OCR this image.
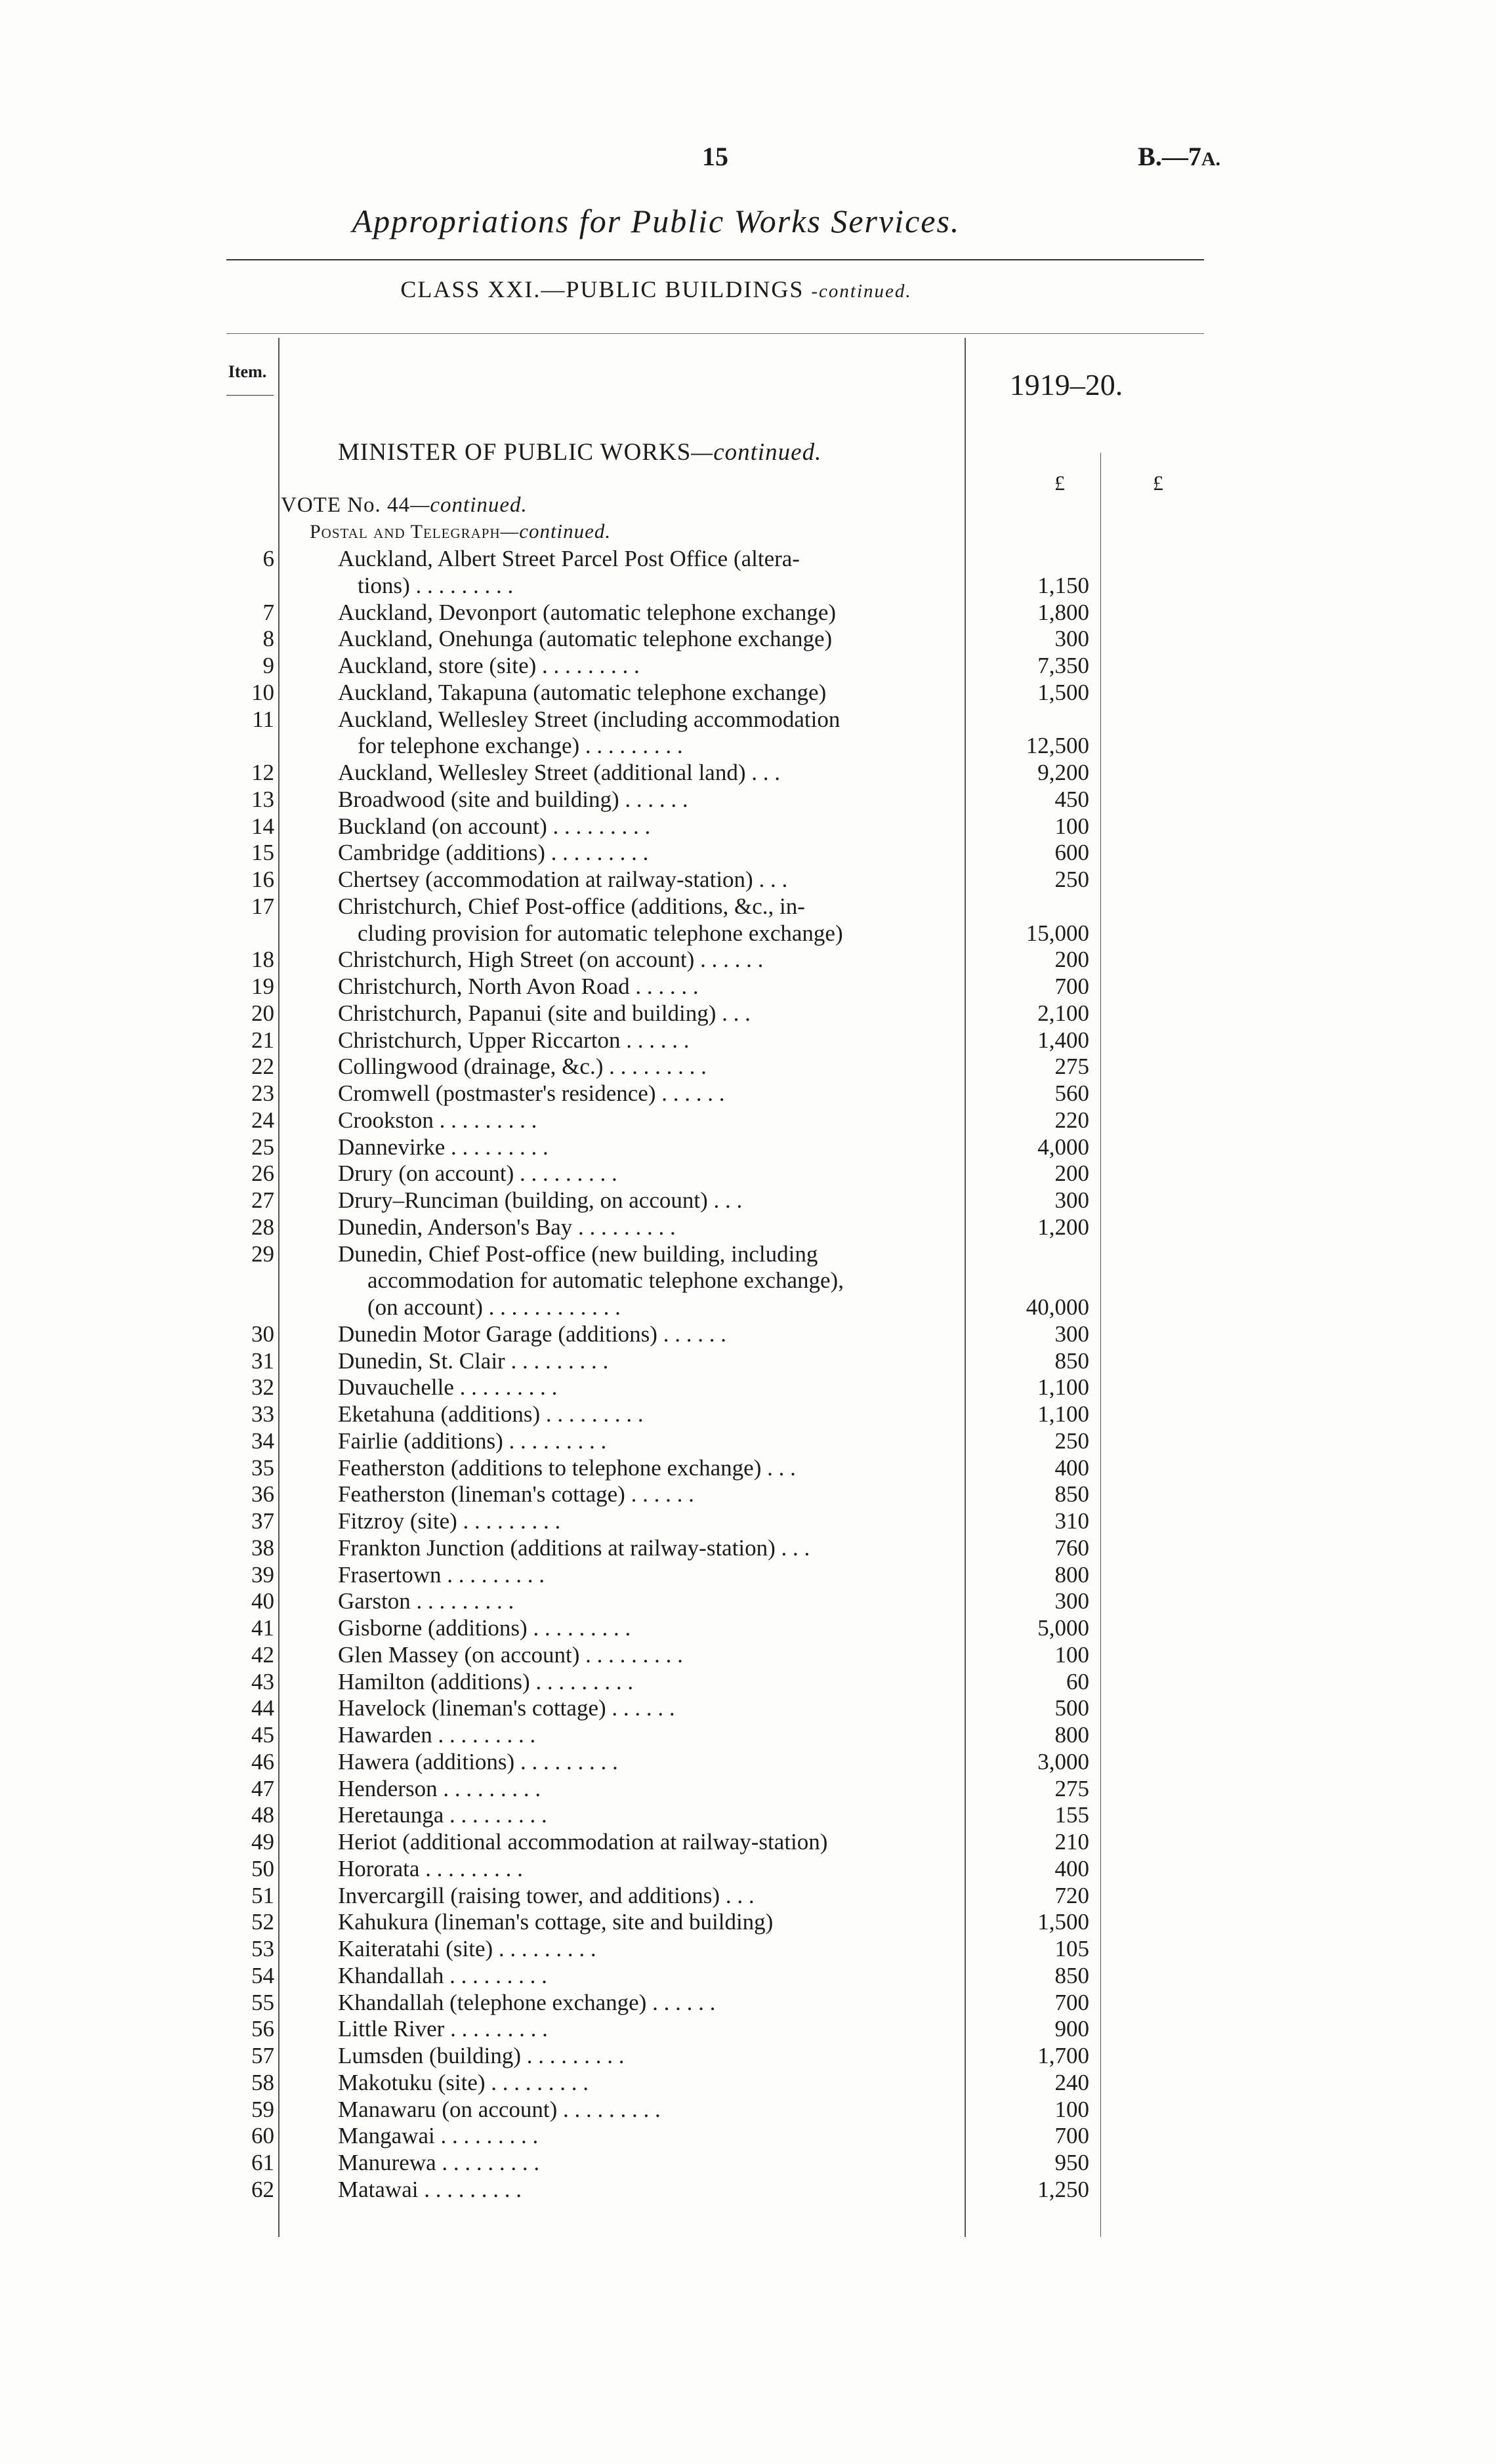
15	B.—7A.
Appropriations for Public Works Services.
CLASS XXI.—PUBLIC BUILDINGS -continued.
Item.	1919–20.
£	£
MINISTER OF PUBLIC WORKS—continued.
VOTE No. 44—continued.
Postal and Telegraph—continued.
6	Auckland, Albert Street Parcel Post Office (altera-
tions) . . . . . . . . .	1,150
7	Auckland, Devonport (automatic telephone exchange)	1,800
8	Auckland, Onehunga (automatic telephone exchange)	300
9	Auckland, store (site) . . . . . . . . .	7,350
10	Auckland, Takapuna (automatic telephone exchange)	1,500
11	Auckland, Wellesley Street (including accommodation
for telephone exchange) . . . . . . . . .	12,500
12	Auckland, Wellesley Street (additional land) . . .	9,200
13	Broadwood (site and building) . . . . . .	450
14	Buckland (on account) . . . . . . . . .	100
15	Cambridge (additions) . . . . . . . . .	600
16	Chertsey (accommodation at railway-station) . . .	250
17	Christchurch, Chief Post-office (additions, &c., in-
cluding provision for automatic telephone exchange)	15,000
18	Christchurch, High Street (on account) . . . . . .	200
19	Christchurch, North Avon Road . . . . . .	700
20	Christchurch, Papanui (site and building) . . .	2,100
21	Christchurch, Upper Riccarton . . . . . .	1,400
22	Collingwood (drainage, &c.) . . . . . . . . .	275
23	Cromwell (postmaster's residence) . . . . . .	560
24	Crookston . . . . . . . . .	220
25	Dannevirke . . . . . . . . .	4,000
26	Drury (on account) . . . . . . . . .	200
27	Drury–Runciman (building, on account) . . .	300
28	Dunedin, Anderson's Bay . . . . . . . . .	1,200
29	Dunedin, Chief Post-office (new building, including
accommodation for automatic telephone exchange),
(on account) . . . . . . . . . . . .	40,000
30	Dunedin Motor Garage (additions) . . . . . .	300
31	Dunedin, St. Clair . . . . . . . . .	850
32	Duvauchelle . . . . . . . . .	1,100
33	Eketahuna (additions) . . . . . . . . .	1,100
34	Fairlie (additions) . . . . . . . . .	250
35	Featherston (additions to telephone exchange) . . .	400
36	Featherston (lineman's cottage) . . . . . .	850
37	Fitzroy (site) . . . . . . . . .	310
38	Frankton Junction (additions at railway-station) . . .	760
39	Frasertown . . . . . . . . .	800
40	Garston . . . . . . . . .	300
41	Gisborne (additions) . . . . . . . . .	5,000
42	Glen Massey (on account) . . . . . . . . .	100
43	Hamilton (additions) . . . . . . . . .	60
44	Havelock (lineman's cottage) . . . . . .	500
45	Hawarden . . . . . . . . .	800
46	Hawera (additions) . . . . . . . . .	3,000
47	Henderson . . . . . . . . .	275
48	Heretaunga . . . . . . . . .	155
49	Heriot (additional accommodation at railway-station)	210
50	Hororata . . . . . . . . .	400
51	Invercargill (raising tower, and additions) . . .	720
52	Kahukura (lineman's cottage, site and building)	1,500
53	Kaiteratahi (site) . . . . . . . . .	105
54	Khandallah . . . . . . . . .	850
55	Khandallah (telephone exchange) . . . . . .	700
56	Little River . . . . . . . . .	900
57	Lumsden (building) . . . . . . . . .	1,700
58	Makotuku (site) . . . . . . . . .	240
59	Manawaru (on account) . . . . . . . . .	100
60	Mangawai . . . . . . . . .	700
61	Manurewa . . . . . . . . .	950
62	Matawai . . . . . . . . .	1,250
